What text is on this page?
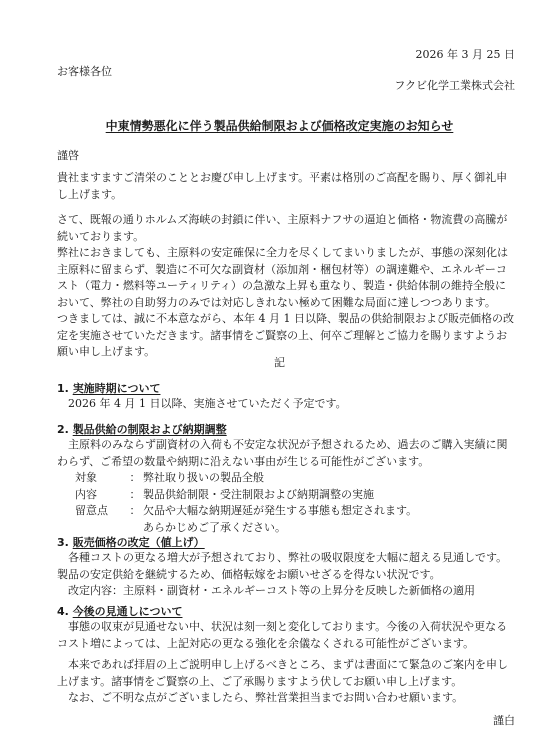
2026 年 3 月 25 日

お客様各位

フクビ化学工業株式会社

中東情勢悪化に伴う製品供給制限および価格改定実施のお知らせ

謹啓

貴社ますますご清栄のこととお慶び申し上げます。平素は格別のご高配を賜り、厚く御礼申し上げます。

さて、既報の通りホルムズ海峡の封鎖に伴い、主原料ナフサの逼迫と価格・物流費の高騰が続いております。

弊社におきましても、主原料の安定確保に全力を尽くしてまいりましたが、事態の深刻化は主原料に留まらず、製造に不可欠な副資材（添加剤・梱包材等）の調達難や、エネルギーコスト（電力・燃料等ユーティリティ）の急激な上昇も重なり、製造・供給体制の維持全般において、弊社の自助努力のみでは対応しきれない極めて困難な局面に達しつつあります。

つきましては、誠に不本意ながら、本年 4 月 1 日以降、製品の供給制限および販売価格の改定を実施させていただきます。諸事情をご賢察の上、何卒ご理解とご協力を賜りますようお願い申し上げます。

記

1. 実施時期について

2026 年 4 月 1 日以降、実施させていただく予定です。

2. 製品供給の制限および納期調整

主原料のみならず副資材の入荷も不安定な状況が予想されるため、過去のご購入実績に関わらず、ご希望の数量や納期に沿えない事由が生じる可能性がございます。

対象	： 弊社取り扱いの製品全般
内容	： 製品供給制限・受注制限および納期調整の実施
留意点	： 欠品や大幅な納期遅延が発生する事態も想定されます。

あらかじめご了承ください。

3. 販売価格の改定（値上げ）

各種コストの更なる増大が予想されており、弊社の吸収限度を大幅に超える見通しです。製品の安定供給を継続するため、価格転嫁をお願いせざるを得ない状況です。

改定内容：主原料・副資材・エネルギーコスト等の上昇分を反映した新価格の適用

4. 今後の見通しについて

事態の収束が見通せない中、状況は刻一刻と変化しております。今後の入荷状況や更なるコスト増によっては、上記対応の更なる強化を余儀なくされる可能性がございます。

本来であれば拝眉の上ご説明申し上げるべきところ、まずは書面にて緊急のご案内を申し上げます。諸事情をご賢察の上、ご了承賜りますよう伏してお願い申し上げます。

なお、ご不明な点がございましたら、弊社営業担当までお問い合わせ願います。

謹白
